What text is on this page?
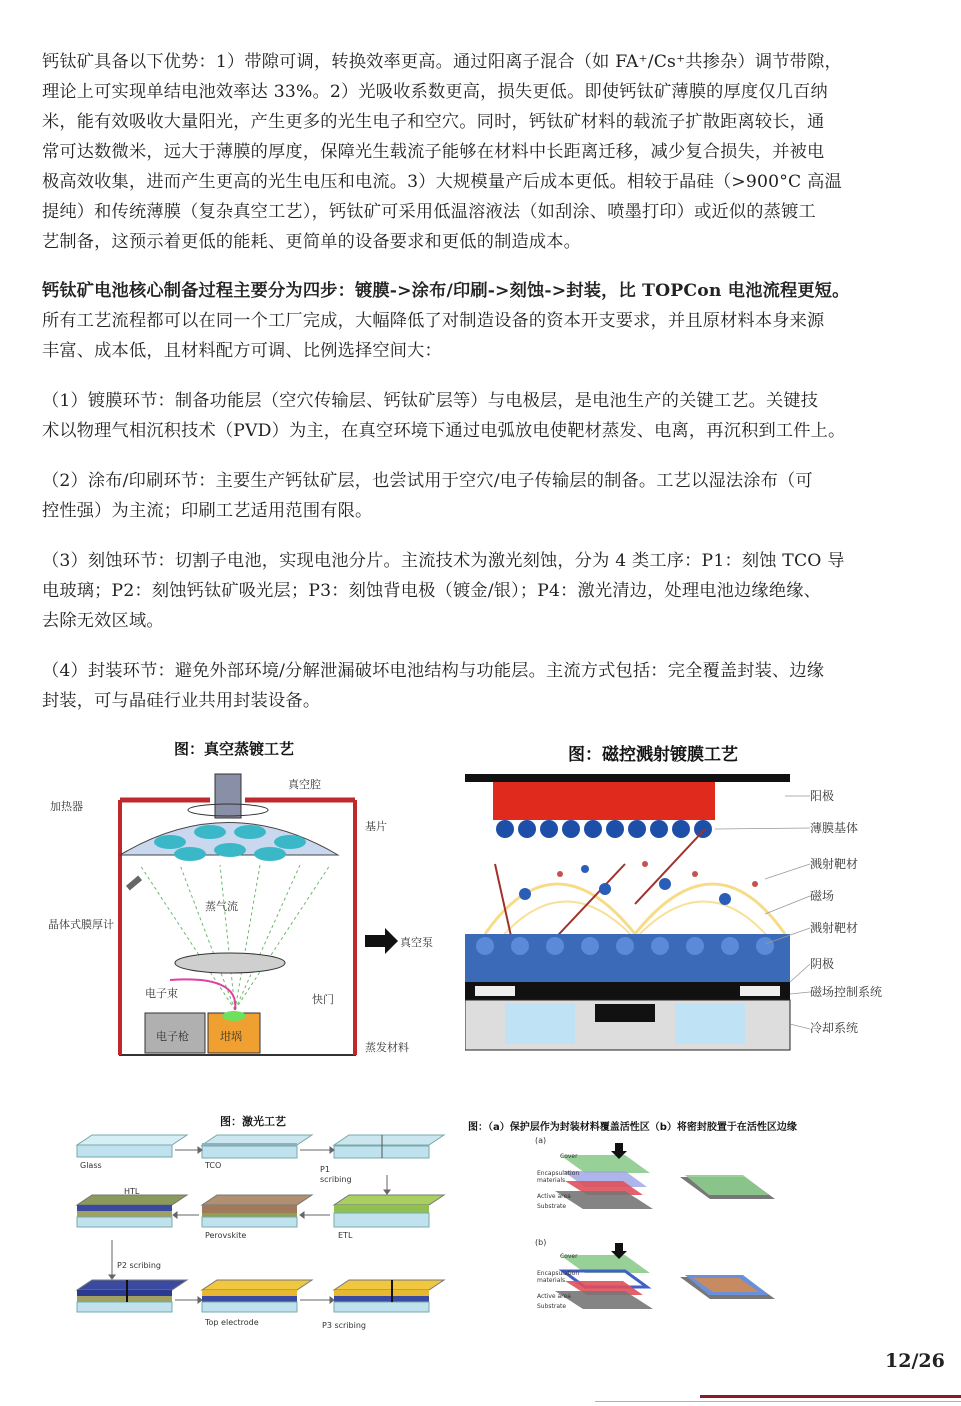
钙钛矿具备以下优势：1）带隙可调，转换效率更高。通过阳离子混合（如 FA⁺/Cs⁺共掺杂）调节带隙，
理论上可实现单结电池效率达 33%。2）光吸收系数更高，损失更低。即使钙钛矿薄膜的厚度仅几百纳
米，能有效吸收大量阳光，产生更多的光生电子和空穴。同时，钙钛矿材料的载流子扩散距离较长，通
常可达数微米，远大于薄膜的厚度，保障光生载流子能够在材料中长距离迁移，减少复合损失，并被电
极高效收集，进而产生更高的光生电压和电流。3）大规模量产后成本更低。相较于晶硅（>900°C 高温
提纯）和传统薄膜（复杂真空工艺），钙钛矿可采用低温溶液法（如刮涂、喷墨打印）或近似的蒸镀工
艺制备，这预示着更低的能耗、更简单的设备要求和更低的制造成本。
钙钛矿电池核心制备过程主要分为四步：镀膜->涂布/印刷->刻蚀->封装，比 TOPCon 电池流程更短。
所有工艺流程都可以在同一个工厂完成，大幅降低了对制造设备的资本开支要求，并且原材料本身来源
丰富、成本低，且材料配方可调、比例选择空间大：
（1）镀膜环节：制备功能层（空穴传输层、钙钛矿层等）与电极层，是电池生产的关键工艺。关键技
术以物理气相沉积技术（PVD）为主，在真空环境下通过电弧放电使靶材蒸发、电离，再沉积到工件上。
（2）涂布/印刷环节：主要生产钙钛矿层，也尝试用于空穴/电子传输层的制备。工艺以湿法涂布（可
控性强）为主流；印刷工艺适用范围有限。
（3）刻蚀环节：切割子电池，实现电池分片。主流技术为激光刻蚀，分为 4 类工序：P1：刻蚀 TCO 导
电玻璃；P2：刻蚀钙钛矿吸光层；P3：刻蚀背电极（镀金/银）；P4：激光清边，处理电池边缘绝缘、
去除无效区域。
（4）封装环节：避免外部环境/分解泄漏破坏电池结构与功能层。主流方式包括：完全覆盖封装、边缘
封装，可与晶硅行业共用封装设备。
图：真空蒸镀工艺
加热器
真空腔
基片
晶体式膜厚计
蒸气流
真空泵
电子束	快门
电子枪	坩埚
蒸发材料
图：磁控溅射镀膜工艺
阳极
薄膜基体
溅射靶材
磁场
溅射靶材
阴极
磁场控制系统
冷却系统
图：激光工艺
Glass	TCO	P1
scribing
HTL
Perovskite	ETL
P2 scribing
Top electrode	P3 scribing
图：（a）保护层作为封装材料覆盖活性区（b）将密封胶置于在活性区边缘
(a)
Cover
Encapsulation
materials
Active area
Substrate
(b)
Cover
Encapsulation
materials
Active area
Substrate
12/26
